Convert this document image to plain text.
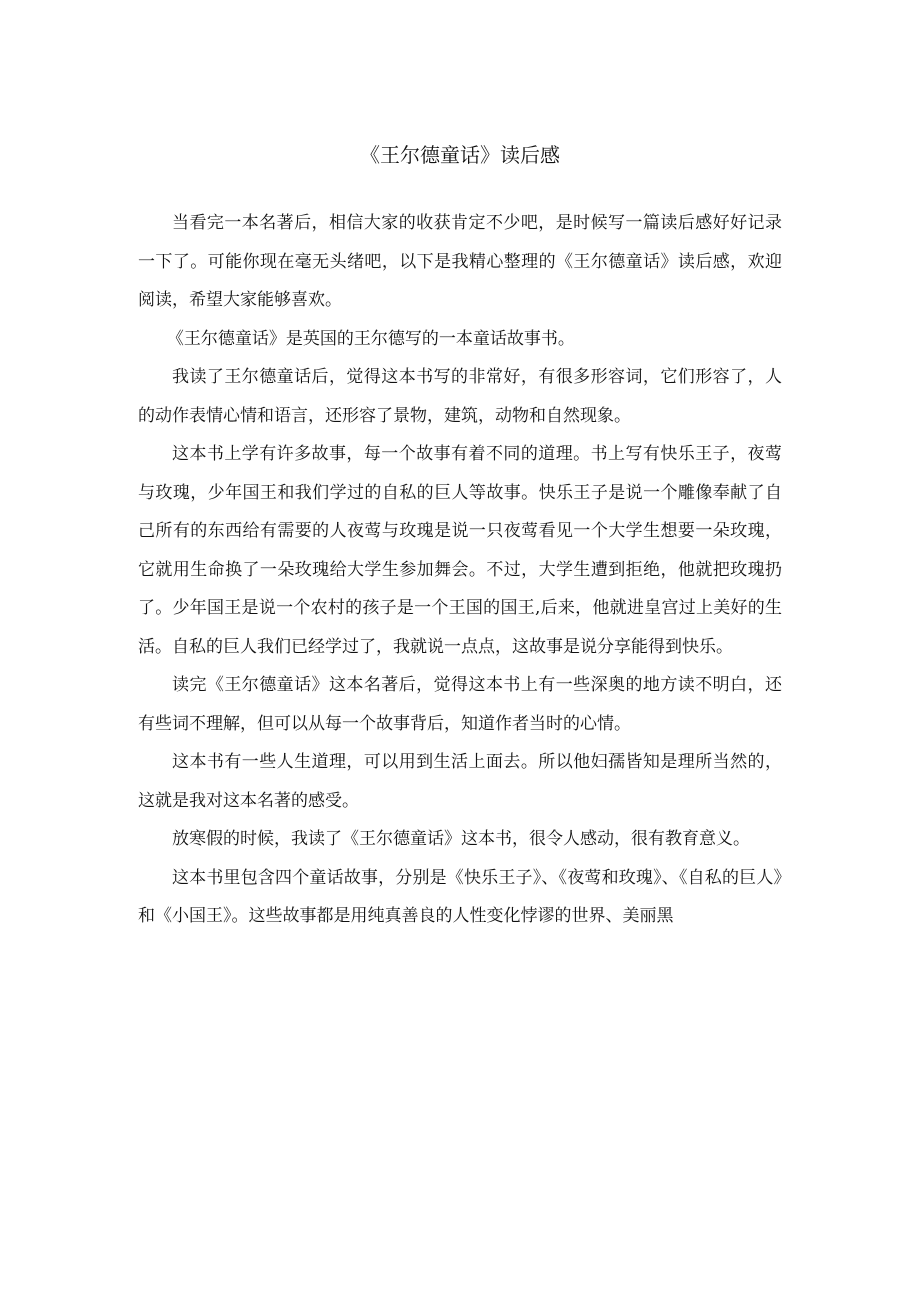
《王尔德童话》读后感

当看完一本名著后，相信大家的收获肯定不少吧，是时候写一篇读后感好好记录一下了。可能你现在毫无头绪吧，以下是我精心整理的《王尔德童话》读后感，欢迎阅读，希望大家能够喜欢。

《王尔德童话》是英国的王尔德写的一本童话故事书。

我读了王尔德童话后，觉得这本书写的非常好，有很多形容词，它们形容了，人的动作表情心情和语言，还形容了景物，建筑，动物和自然现象。

这本书上学有许多故事，每一个故事有着不同的道理。书上写有快乐王子，夜莺与玫瑰，少年国王和我们学过的自私的巨人等故事。快乐王子是说一个雕像奉献了自己所有的东西给有需要的人夜莺与玫瑰是说一只夜莺看见一个大学生想要一朵玫瑰，它就用生命换了一朵玫瑰给大学生参加舞会。不过，大学生遭到拒绝，他就把玫瑰扔了。少年国王是说一个农村的孩子是一个王国的国王,后来，他就进皇宫过上美好的生活。自私的巨人我们已经学过了，我就说一点点，这故事是说分享能得到快乐。

读完《王尔德童话》这本名著后，觉得这本书上有一些深奥的地方读不明白，还有些词不理解，但可以从每一个故事背后，知道作者当时的心情。

这本书有一些人生道理，可以用到生活上面去。所以他妇孺皆知是理所当然的，这就是我对这本名著的感受。

放寒假的时候，我读了《王尔德童话》这本书，很令人感动，很有教育意义。

这本书里包含四个童话故事，分别是《快乐王子》、《夜莺和玫瑰》、《自私的巨人》和《小国王》。这些故事都是用纯真善良的人性变化悖谬的世界、美丽黑
